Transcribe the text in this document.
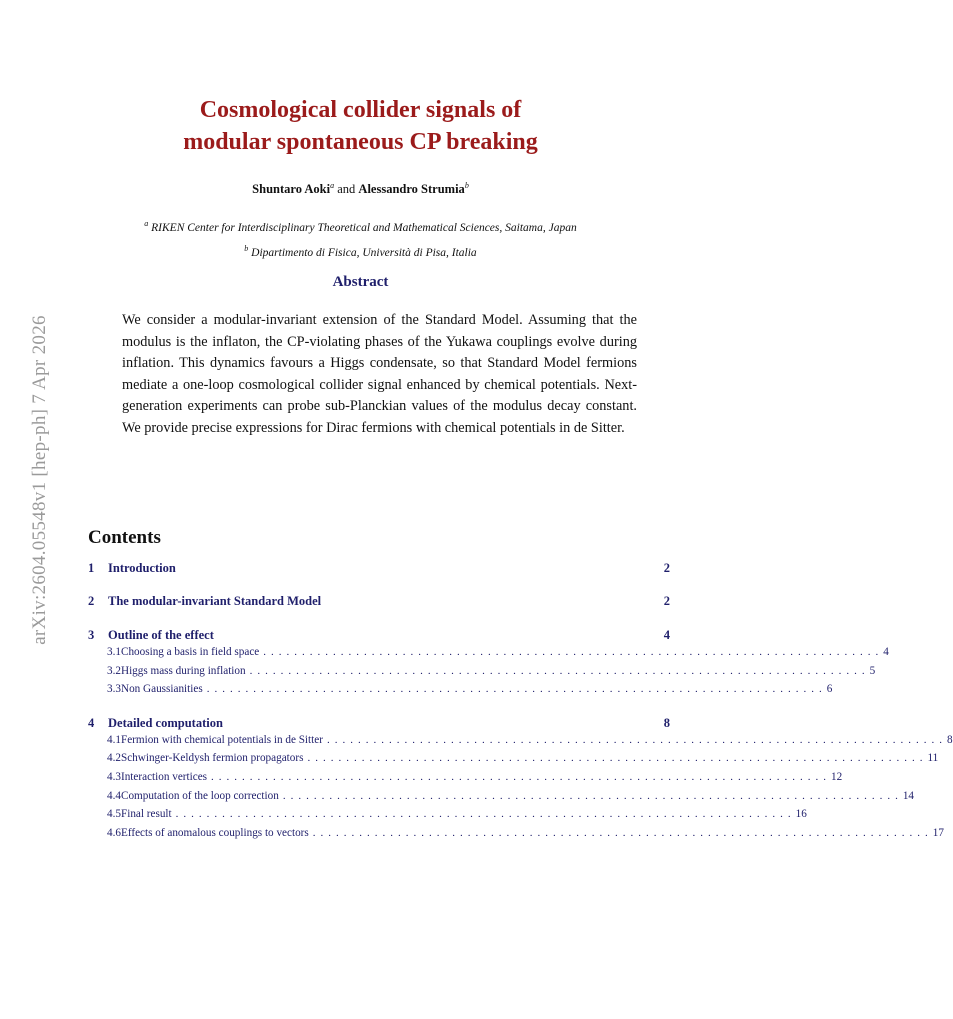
arXiv:2604.05548v1 [hep-ph] 7 Apr 2026
Cosmological collider signals of
modular spontaneous CP breaking
Shuntaro Aoki$^a$ and Alessandro Strumia$^b$
$^a$ RIKEN Center for Interdisciplinary Theoretical and Mathematical Sciences, Saitama, Japan
$^b$ Dipartimento di Fisica, Università di Pisa, Italia
Abstract
We consider a modular-invariant extension of the Standard Model. Assuming that the modulus is the inflaton, the CP-violating phases of the Yukawa couplings evolve during inflation. This dynamics favours a Higgs condensate, so that Standard Model fermions mediate a one-loop cosmological collider signal enhanced by chemical potentials. Next-generation experiments can probe sub-Planckian values of the modulus decay constant. We provide precise expressions for Dirac fermions with chemical potentials in de Sitter.
Contents
1	Introduction	2
2	The modular-invariant Standard Model	2
3	Outline of the effect	4
3.1 Choosing a basis in field space ................................................................................ 4
3.2 Higgs mass during inflation ................................................................................ 5
3.3 Non Gaussianities ................................................................................ 6
4	Detailed computation	8
4.1 Fermion with chemical potentials in de Sitter ................................................................................ 8
4.2 Schwinger-Keldysh fermion propagators ................................................................................ 11
4.3 Interaction vertices ................................................................................ 12
4.4 Computation of the loop correction ................................................................................ 14
4.5 Final result ................................................................................ 16
4.6 Effects of anomalous couplings to vectors ................................................................................ 17
